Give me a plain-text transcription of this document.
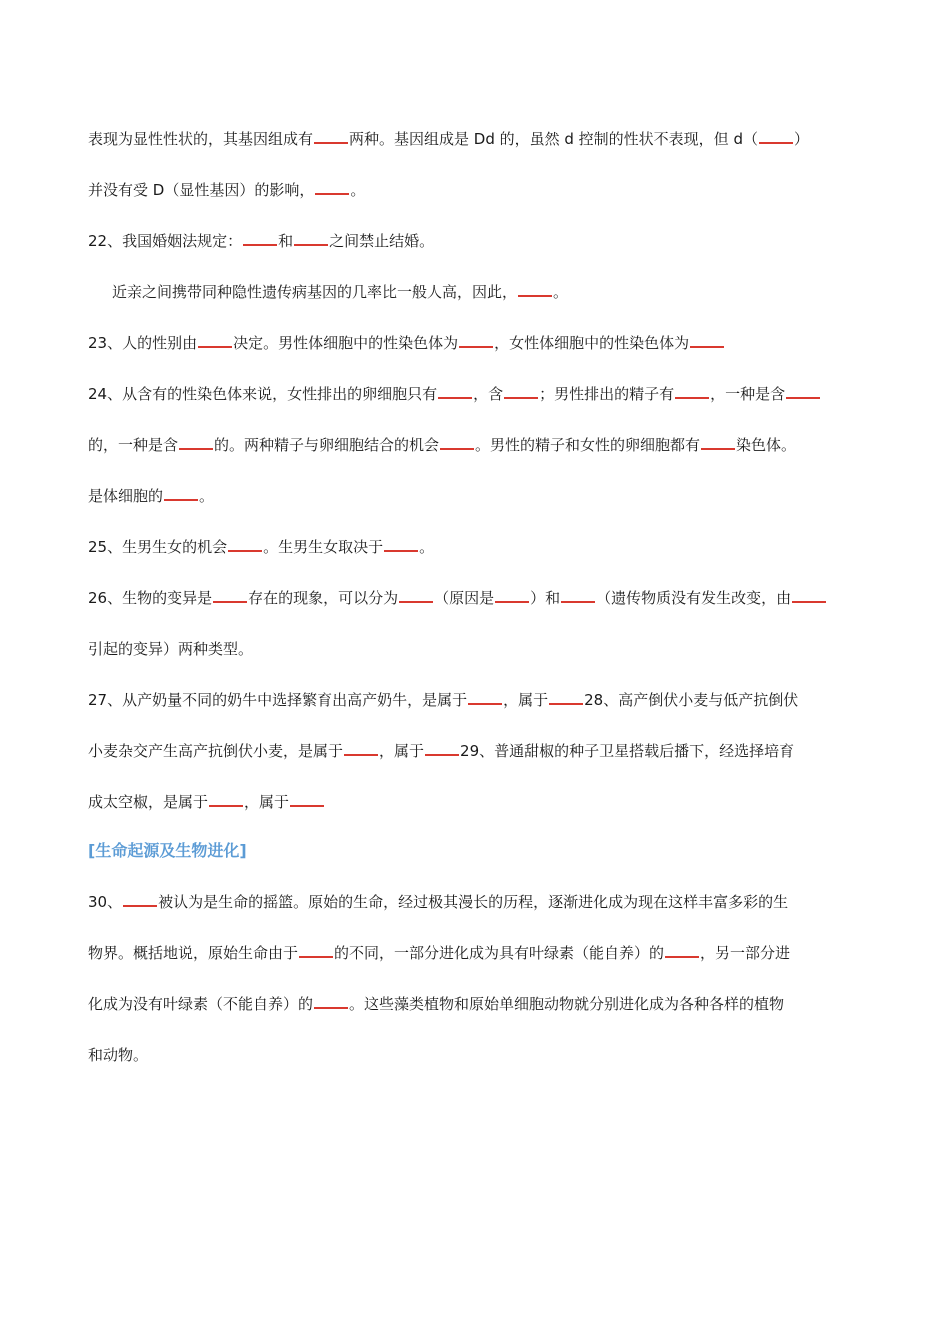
表现为显性性状的，其基因组成有 两种。基因组成是 Dd 的，虽然 d 控制的性状不表现，但 d（ ）
并没有受 D（显性基因）的影响， 。
22、我国婚姻法规定： 和 之间禁止结婚。
近亲之间携带同种隐性遗传病基因的几率比一般人高，因此， 。
23、人的性别由 决定。男性体细胞中的性染色体为 ，女性体细胞中的性染色体为
24、从含有的性染色体来说，女性排出的卵细胞只有 ，含 ；男性排出的精子有 ，一种是含
的，一种是含 的。两种精子与卵细胞结合的机会 。男性的精子和女性的卵细胞都有 染色体。
是体细胞的 。
25、生男生女的机会 。生男生女取决于 。
26、生物的变异是 存在的现象，可以分为 （原因是 ）和 （遗传物质没有发生改变，由
引起的变异）两种类型。
27、从产奶量不同的奶牛中选择繁育出高产奶牛，是属于 ，属于 28、高产倒伏小麦与低产抗倒伏
小麦杂交产生高产抗倒伏小麦，是属于 ，属于 29、普通甜椒的种子卫星搭载后播下，经选择培育
成太空椒，是属于 ，属于
[生命起源及生物进化]
30、 被认为是生命的摇篮。原始的生命，经过极其漫长的历程，逐渐进化成为现在这样丰富多彩的生
物界。概括地说，原始生命由于 的不同，一部分进化成为具有叶绿素（能自养）的 ，另一部分进
化成为没有叶绿素（不能自养）的 。这些藻类植物和原始单细胞动物就分别进化成为各种各样的植物
和动物。
